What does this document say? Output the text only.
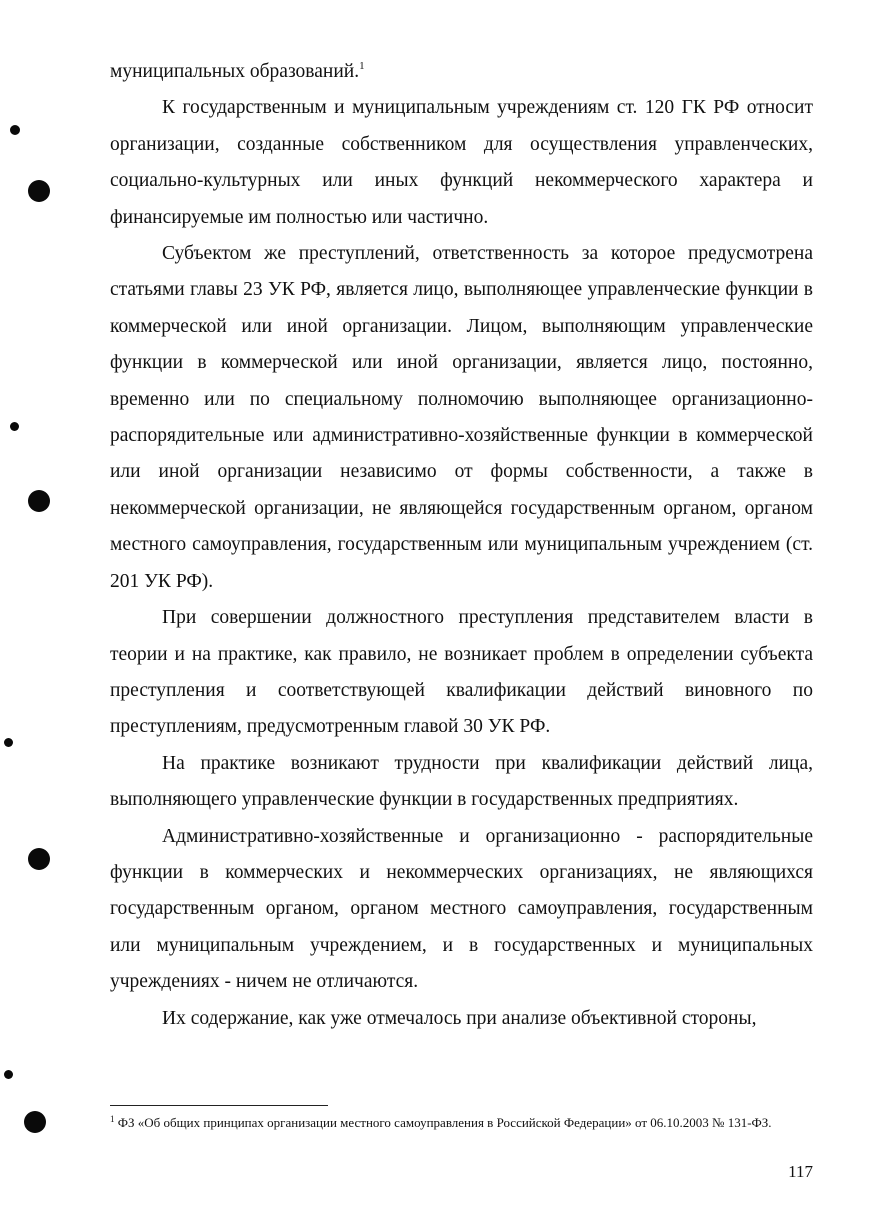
муниципальных образований.$^1$

К государственным и муниципальным учреждениям ст. 120 ГК РФ относит организации, созданные собственником для осуществления управленческих, социально-культурных или иных функций некоммерческого характера и финансируемые им полностью или частично.

Субъектом же преступлений, ответственность за которое предусмотрена статьями главы 23 УК РФ, является лицо, выполняющее управленческие функции в коммерческой или иной организации. Лицом, выполняющим управленческие функции в коммерческой или иной организации, является лицо, постоянно, временно или по специальному полномочию выполняющее организационно-распорядительные или административно-хозяйственные функции в коммерческой или иной организации независимо от формы собственности, а также в некоммерческой организации, не являющейся государственным органом, органом местного самоуправления, государственным или муниципальным учреждением (ст. 201 УК РФ).

При совершении должностного преступления представителем власти в теории и на практике, как правило, не возникает проблем в определении субъекта преступления и соответствующей квалификации действий виновного по преступлениям, предусмотренным главой 30 УК РФ.

На практике возникают трудности при квалификации действий лица, выполняющего управленческие функции в государственных предприятиях.

Административно-хозяйственные и организационно - распорядительные функции в коммерческих и некоммерческих организациях, не являющихся государственным органом, органом местного самоуправления, государственным или муниципальным учреждением, и в государственных и муниципальных учреждениях - ничем не отличаются.

Их содержание, как уже отмечалось при анализе объективной стороны,

$^1$ ФЗ «Об общих принципах организации местного самоуправления в Российской Федерации» от 06.10.2003 № 131-ФЗ.
117
